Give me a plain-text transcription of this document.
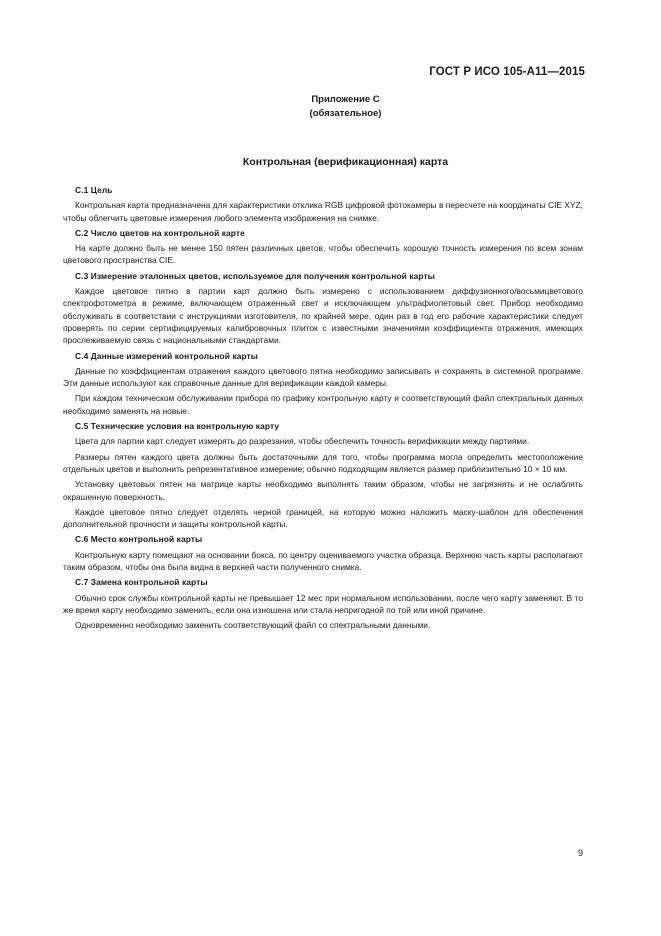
ГОСТ Р ИСО 105-А11—2015
Приложение С
(обязательное)
Контрольная (верификационная) карта

С.1 Цель

Контрольная карта предназначена для характеристики отклика RGB цифровой фотокамеры в пересчете на координаты CIE XYZ, чтобы облегчить цветовые измерения любого элемента изображения на снимке.

С.2 Число цветов на контрольной карте

На карте должно быть не менее 150 пятен различных цветов, чтобы обеспечить хорошую точность измерения по всем зонам цветового пространства CIE.

С.3 Измерение эталонных цветов, используемое для получения контрольной карты

Каждое цветовое пятно в партии карт должно быть измерено с использованием диффузионного/восьмицветового спектрофотометра в режиме, включающем отраженный свет и исключающем ультрафиолетовый свет. Прибор необходимо обслуживать в соответствии с инструкциями изготовителя, по крайней мере, один раз в год его рабочие характеристики следует проверять по серии сертифицируемых калибровочных плиток с известными значениями коэффициента отражения, имеющих прослеживаемую связь с национальными стандартами.

С.4 Данные измерений контрольной карты

Данные по коэффициентам отражения каждого цветового пятна необходимо записывать и сохранять в системной программе. Эти данные используют как справочные данные для верификации каждой камеры.

При каждом техническом обслуживании прибора по графику контрольную карту и соответствующий файл спектральных данных необходимо заменять на новые.

С.5 Технические условия на контрольную карту

Цвета для партии карт следует измерять до разрезания, чтобы обеспечить точность верификации между партиями.

Размеры пятен каждого цвета должны быть достаточными для того, чтобы программа могла определить местоположение отдельных цветов и выполнить репрезентативное измерение; обычно подходящим является размер приблизительно 10 × 10 мм.

Установку цветовых пятен на матрице карты необходимо выполнять таким образом, чтобы не загрязнять и не ослаблять окрашенную поверхность.

Каждое цветовое пятно следует отделять черной границей, на которую можно наложить маску-шаблон для обеспечения дополнительной прочности и защиты контрольной карты.

С.6 Место контрольной карты

Контрольную карту помещают на основании бокса, по центру оцениваемого участка образца. Верхнюю часть карты располагают таким образом, чтобы она была видна в верхней части полученного снимка.

С.7 Замена контрольной карты

Обычно срок службы контрольной карты не превышает 12 мес при нормальном использовании, после чего карту заменяют. В то же время карту необходимо заменить, если она изношена или стала непригодной по той или иной причине.

Одновременно необходимо заменить соответствующий файл со спектральными данными.

9
